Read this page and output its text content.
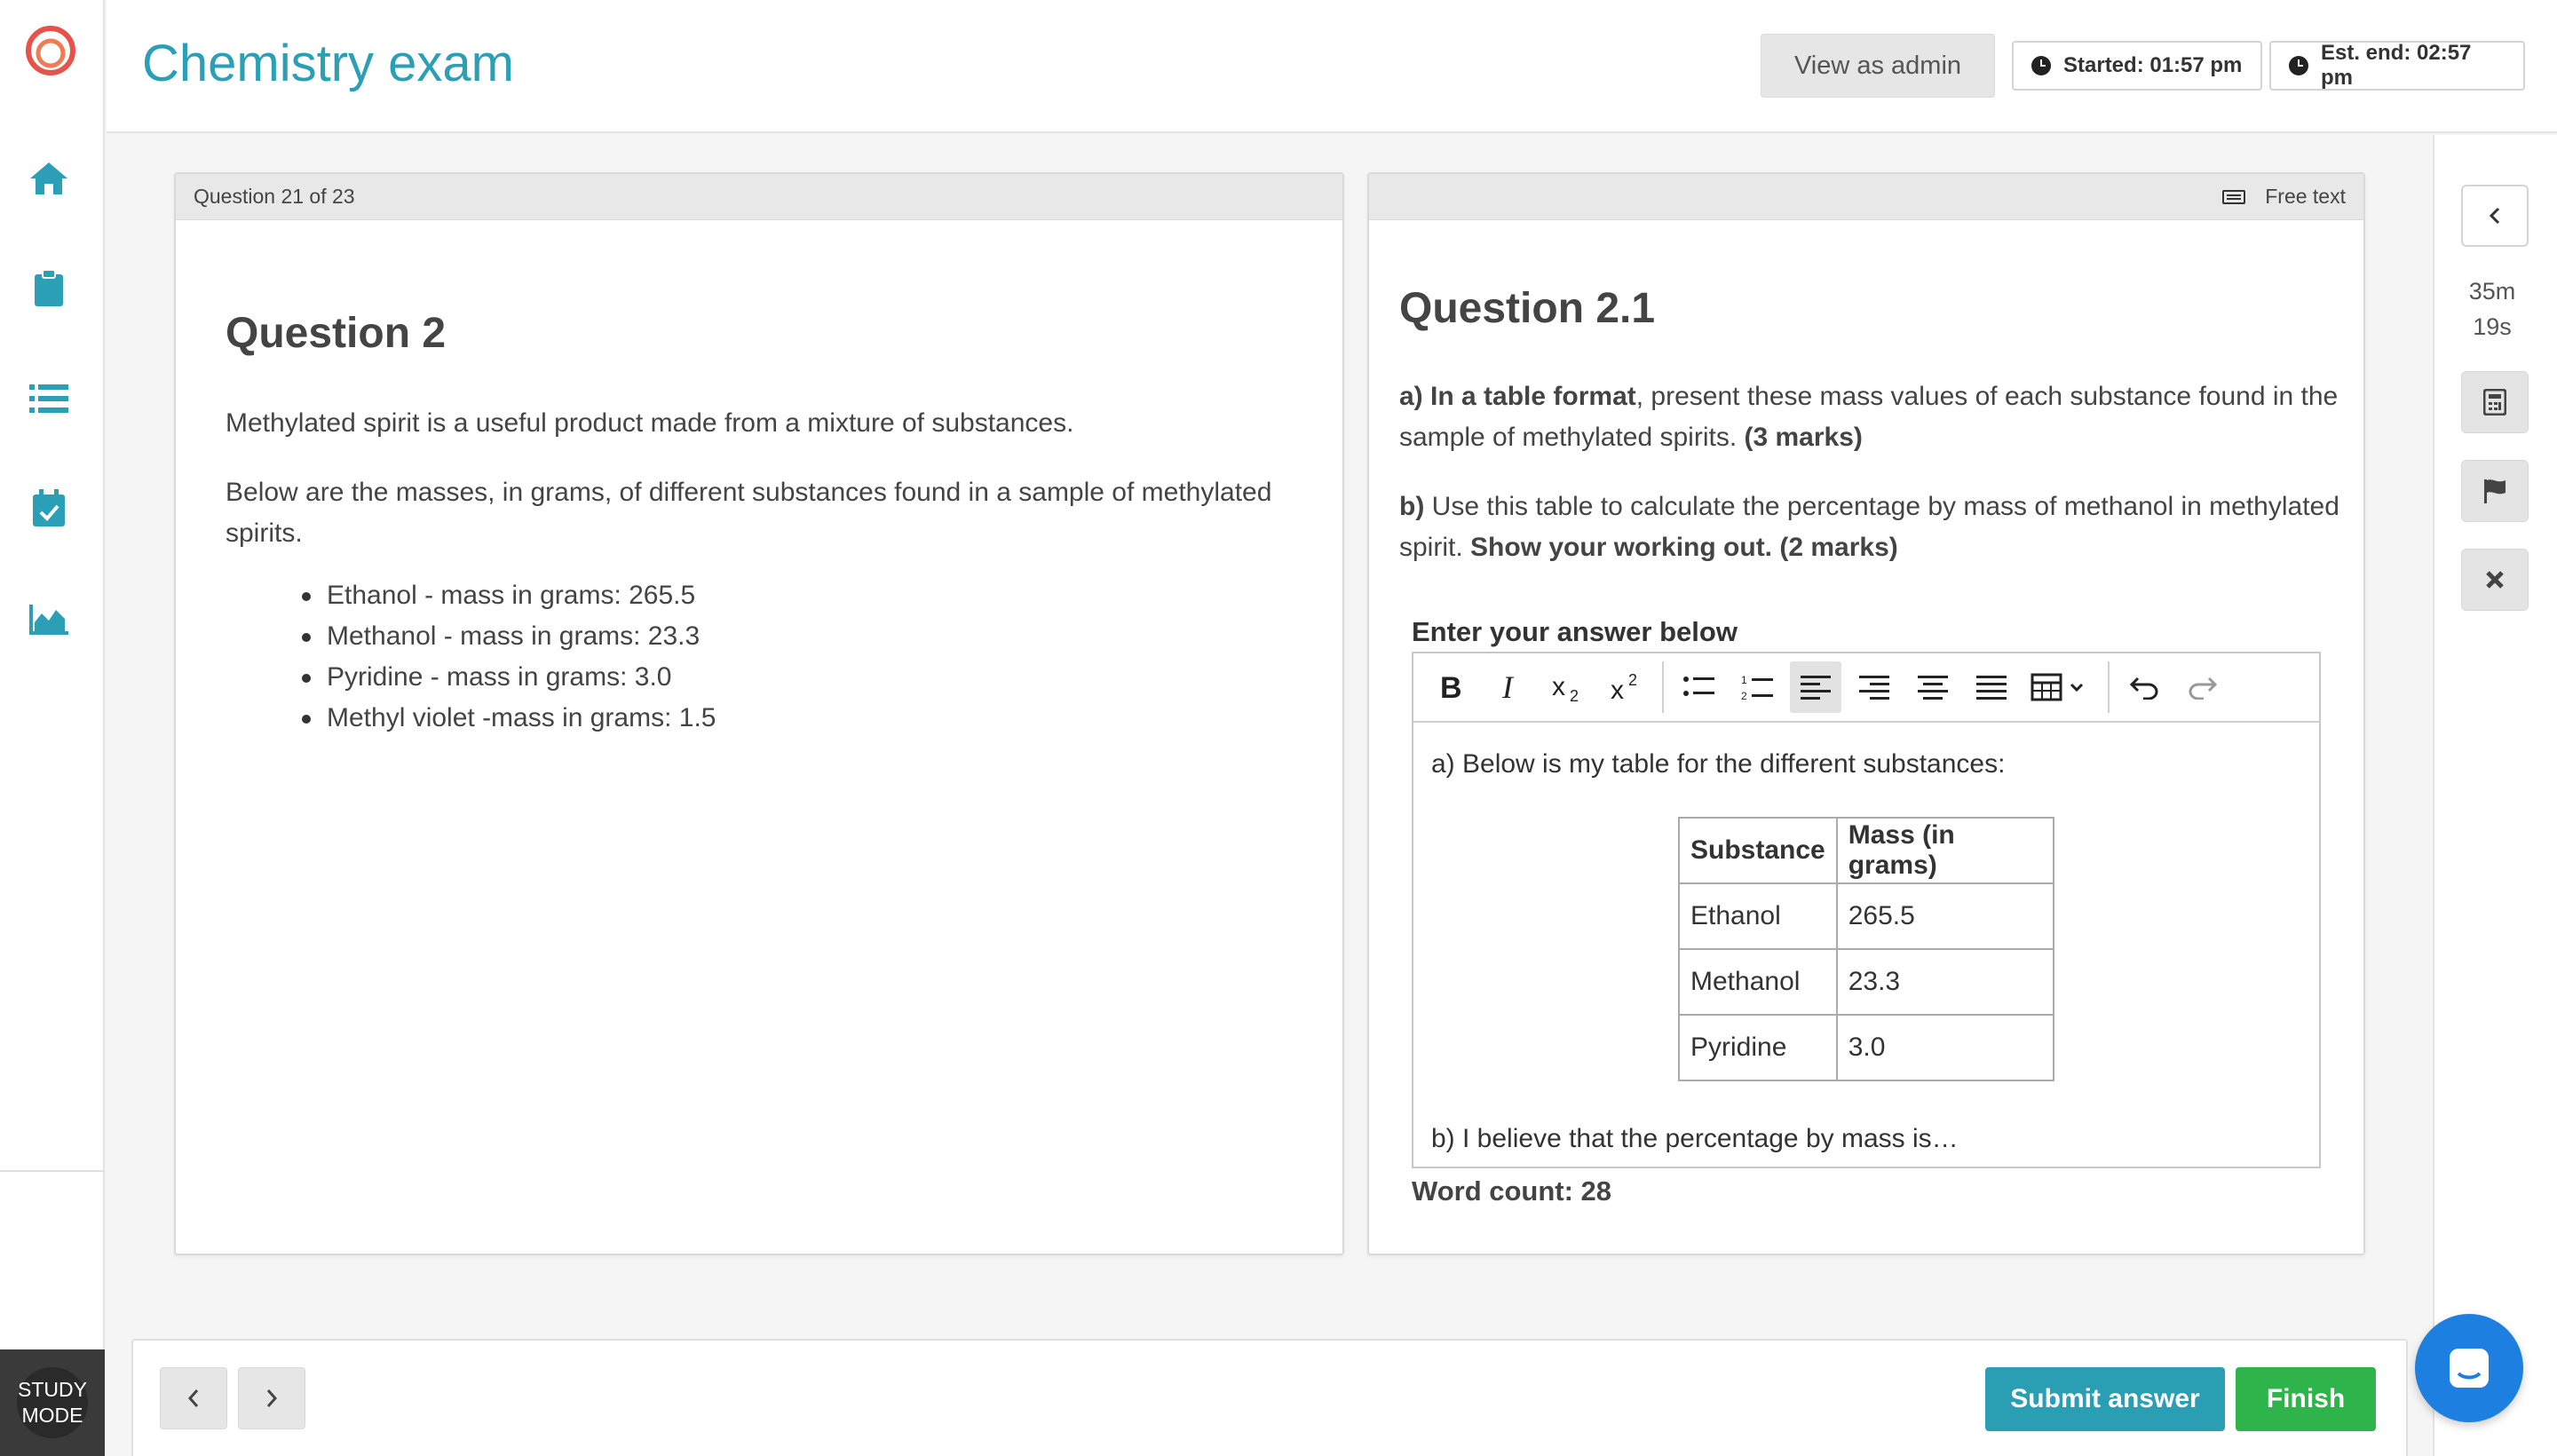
STUDY
MODE
Chemistry exam	View as admin	Started: 01:57 pm
Est. end: 02:57 pm
Question 21 of 23
Question 2
Methylated spirit is a useful product made from a mixture of substances.
Below are the masses, in grams, of different substances found in a sample of methylated spirits.
Ethanol - mass in grams: 265.5
Methanol - mass in grams: 23.3
Pyridine - mass in grams: 3.0
Methyl violet -mass in grams: 1.5
Free text
Question 2.1
a) In a table format, present these mass values of each substance found in the sample of methylated spirits. (3 marks)
b) Use this table to calculate the percentage by mass of methanol in methylated spirit. Show your working out. (2 marks)
Enter your answer below
B I x 2 x 2	1
2
a) Below is my table for the different substances:
Substance	Mass (in grams)
Ethanol	265.5
Methanol	23.3
Pyridine	3.0
b) I believe that the percentage by mass is…
Word count: 28
35m
19s
Submit answer	Finish
